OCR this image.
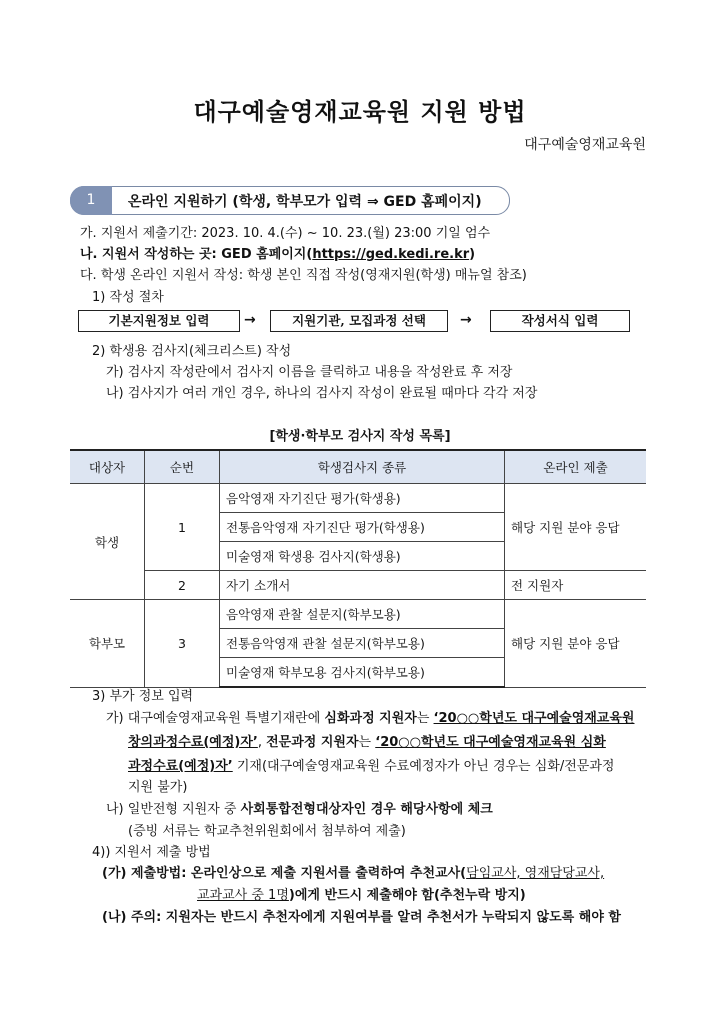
대구예술영재교육원 지원 방법
대구예술영재교육원
1	온라인 지원하기 (학생, 학부모가 입력 ⇒ GED 홈페이지)
가. 지원서 제출기간: 2023. 10. 4.(수) ~ 10. 23.(월) 23:00 기일 엄수
나. 지원서 작성하는 곳: GED 홈페이지(https://ged.kedi.re.kr)
다. 학생 온라인 지원서 작성: 학생 본인 직접 작성(영재지원(학생) 매뉴얼 참조)
1) 작성 절차
기본지원정보 입력	→	지원기관, 모집과정 선택	→	작성서식 입력
2) 학생용 검사지(체크리스트) 작성
가) 검사지 작성란에서 검사지 이름을 클릭하고 내용을 작성완료 후 저장
나) 검사지가 여러 개인 경우, 하나의 검사지 작성이 완료될 때마다 각각 저장
[학생·학부모 검사지 작성 목록]
대상자	순번	학생검사지 종류	온라인 제출
학생	1	음악영재 자기진단 평가(학생용)	해당 지원 분야 응답
		전통음악영재 자기진단 평가(학생용)	
		미술영재 학생용 검사지(학생용)	
	2	자기 소개서	전 지원자
학부모	3	음악영재 관찰 설문지(학부모용)	해당 지원 분야 응답
		전통음악영재 관찰 설문지(학부모용)	
		미술영재 학부모용 검사지(학부모용)	
3) 부가 정보 입력
가) 대구예술영재교육원 특별기재란에 심화과정 지원자는 ‘20○○학년도 대구예술영재교육원
창의과정수료(예정)자’, 전문과정 지원자는 ‘20○○학년도 대구예술영재교육원 심화
과정수료(예정)자’ 기재(대구예술영재교육원 수료예정자가 아닌 경우는 심화/전문과정
지원 불가)
나) 일반전형 지원자 중 사회통합전형대상자인 경우 해당사항에 체크
(증빙 서류는 학교추천위원회에서 첨부하여 제출)
4)) 지원서 제출 방법
(가) 제출방법: 온라인상으로 제출 지원서를 출력하여 추천교사(담임교사, 영재담당교사,
교과교사 중 1명)에게 반드시 제출해야 함(추천누락 방지)
(나) 주의: 지원자는 반드시 추천자에게 지원여부를 알려 추천서가 누락되지 않도록 해야 함
